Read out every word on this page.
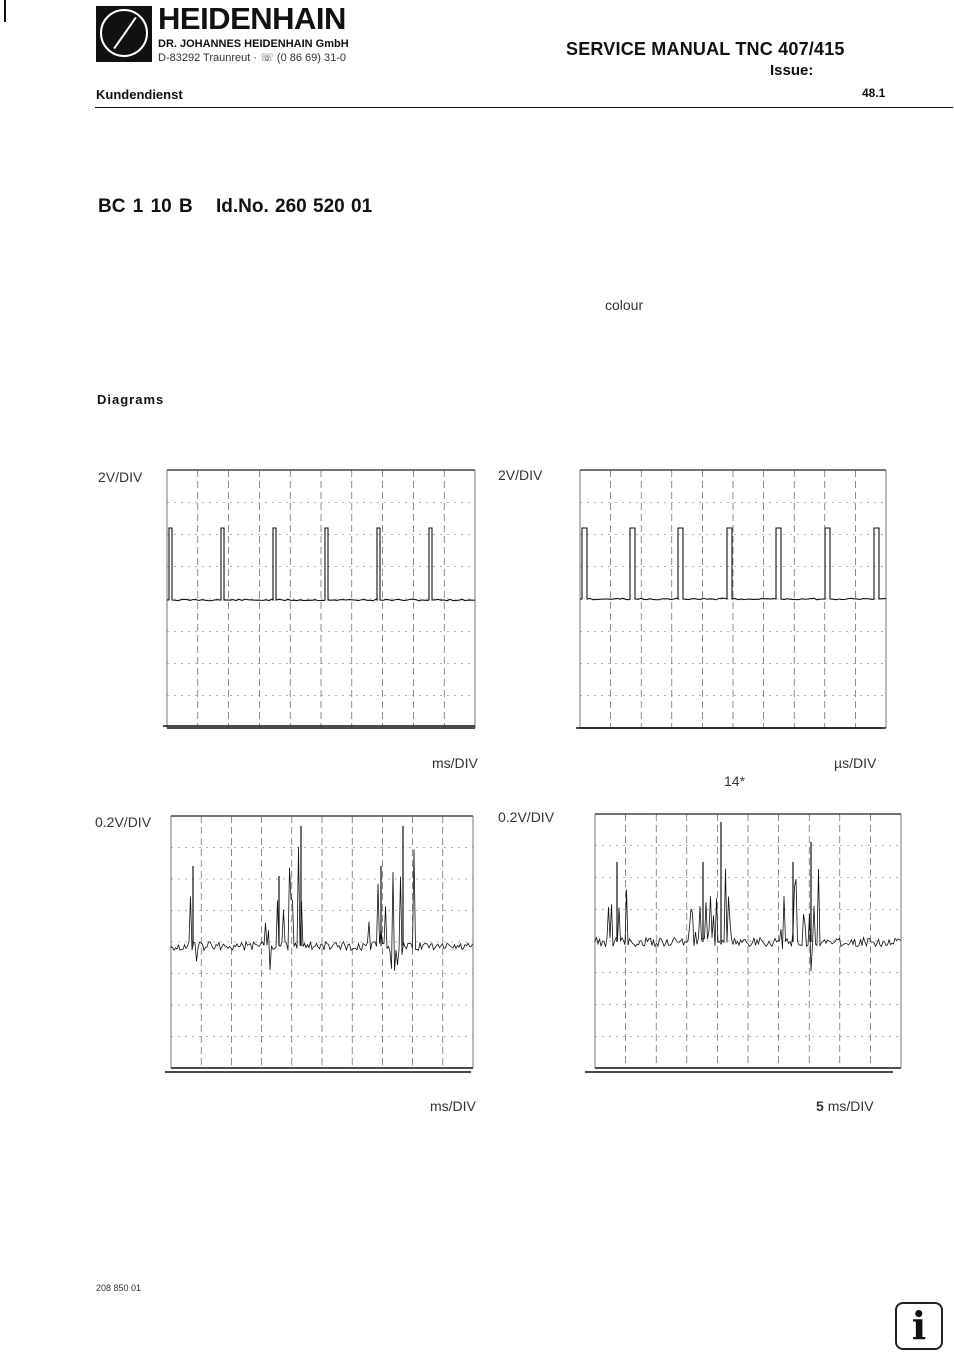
HEIDENHAIN
DR. JOHANNES HEIDENHAIN GmbH
D-83292 Traunreut · ☏ (0 86 69) 31-0	SERVICE MANUAL TNC 407/415
Issue:
Kundendienst	48.1
BC 1 10 B Id.No. 260 520 01
colour
Diagrams
2V/DIV
ms/DIV
2V/DIV
µs/DIV
14*
0.2V/DIV
ms/DIV
0.2V/DIV
5 ms/DIV
208 850 01
i
